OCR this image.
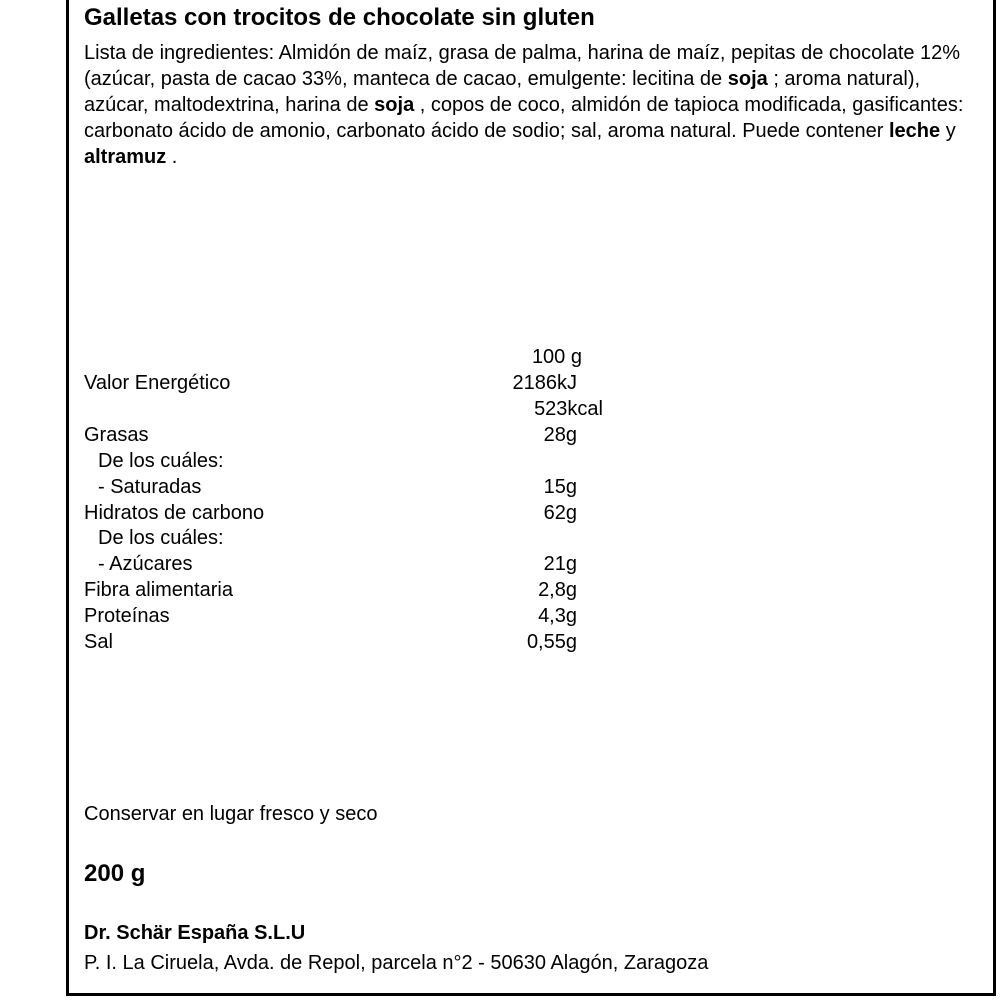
Galletas con trocitos de chocolate sin gluten
Lista de ingredientes: Almidón de maíz, grasa de palma, harina de maíz, pepitas de chocolate 12% (azúcar, pasta de cacao 33%, manteca de cacao, emulgente: lecitina de soja ; aroma natural), azúcar, maltodextrina, harina de soja , copos de coco, almidón de tapioca modificada, gasificantes: carbonato ácido de amonio, carbonato ácido de sodio; sal, aroma natural. Puede contener leche y altramuz .
100 g
Valor Energético	2186kJ
523kcal
Grasas	28g
De los cuáles:
- Saturadas	15g
Hidratos de carbono	62g
De los cuáles:
- Azúcares	21g
Fibra alimentaria	2,8g
Proteínas	4,3g
Sal	0,55g
Conservar en lugar fresco y seco
200 g
Dr. Schär España S.L.U
P. I. La Ciruela, Avda. de Repol, parcela n°2 - 50630 Alagón, Zaragoza
